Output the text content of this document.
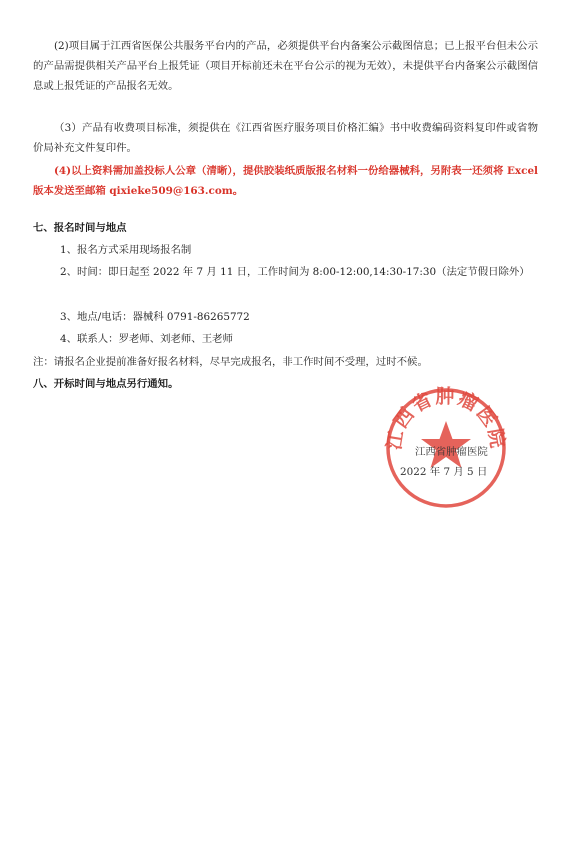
(2)项目属于江西省医保公共服务平台内的产品，必须提供平台内备案公示截图信息；已上报平台但未公示的产品需提供相关产品平台上报凭证（项目开标前还未在平台公示的视为无效），未提供平台内备案公示截图信息或上报凭证的产品报名无效。

（3）产品有收费项目标准，须提供在《江西省医疗服务项目价格汇编》书中收费编码资料复印件或省物价局补充文件复印件。

(4)以上资料需加盖投标人公章（清晰），提供胶装纸质版报名材料一份给器械科，另附表一还须将 Excel 版本发送至邮箱 qixieke509@163.com。

七、报名时间与地点

1、报名方式采用现场报名制

2、时间：即日起至 2022 年 7 月 11 日，工作时间为 8:00-12:00,14:30-17:30（法定节假日除外）

3、地点/电话：器械科 0791-86265772

4、联系人：罗老师、刘老师、王老师

注：请报名企业提前准备好报名材料，尽早完成报名，非工作时间不受理，过时不候。

八、开标时间与地点另行通知。

江西省肿瘤医院
江西省肿瘤医院
2022 年 7 月 5 日
